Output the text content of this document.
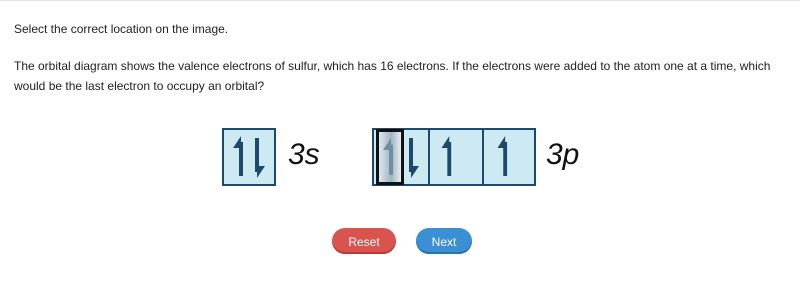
Select the correct location on the image.
The orbital diagram shows the valence electrons of sulfur, which has 16 electrons. If the electrons were added to the atom one at a time, which would be the last electron to occupy an orbital?
3s	3p
Reset	Next
